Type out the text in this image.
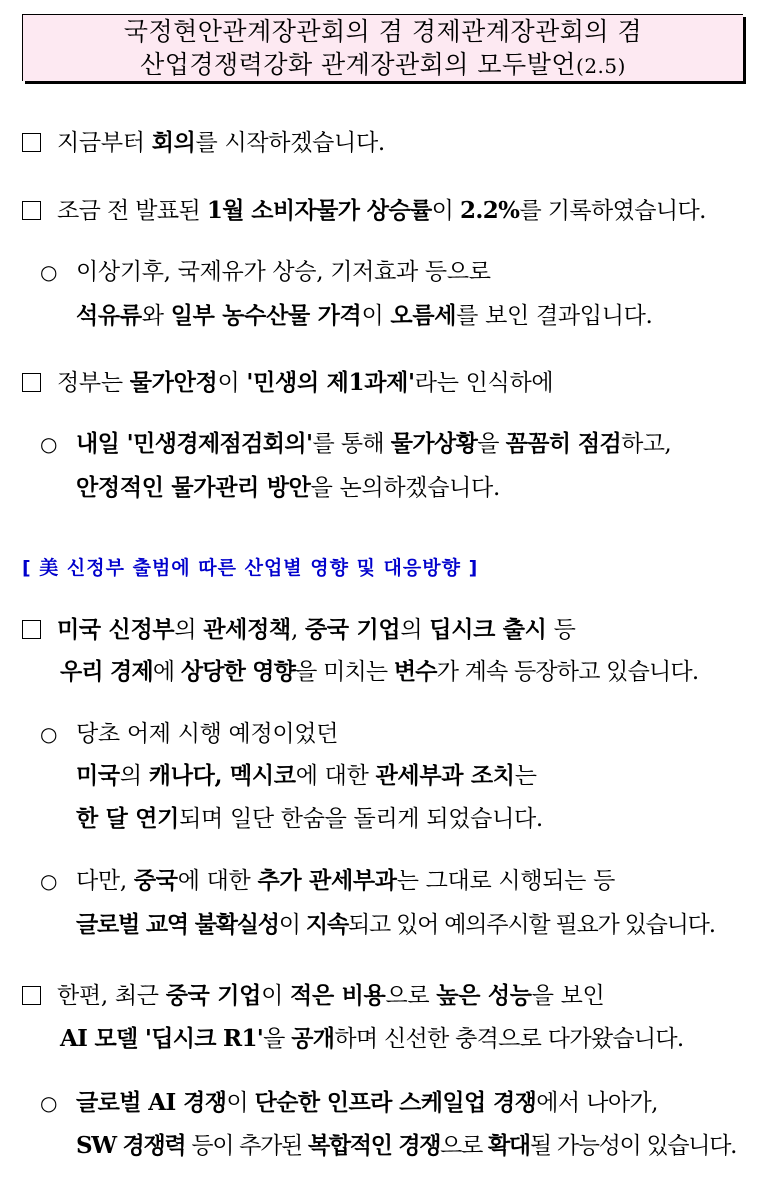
국정현안관계장관회의 겸 경제관계장관회의 겸
산업경쟁력강화 관계장관회의 모두발언(2.5)
지금부터 회의를 시작하겠습니다.
조금 전 발표된 1월 소비자물가 상승률이 2.2%를 기록하였습니다.
○ 이상기후, 국제유가 상승, 기저효과 등으로
석유류와 일부 농수산물 가격이 오름세를 보인 결과입니다.
정부는 물가안정이 '민생의 제1과제'라는 인식하에
○ 내일 '민생경제점검회의'를 통해 물가상황을 꼼꼼히 점검하고,
안정적인 물가관리 방안을 논의하겠습니다.
[ 美 신정부 출범에 따른 산업별 영향 및 대응방향 ]
미국 신정부의 관세정책, 중국 기업의 딥시크 출시 등
우리 경제에 상당한 영향을 미치는 변수가 계속 등장하고 있습니다.
○ 당초 어제 시행 예정이었던
미국의 캐나다, 멕시코에 대한 관세부과 조치는
한 달 연기되며 일단 한숨을 돌리게 되었습니다.
○ 다만, 중국에 대한 추가 관세부과는 그대로 시행되는 등
글로벌 교역 불확실성이 지속되고 있어 예의주시할 필요가 있습니다.
한편, 최근 중국 기업이 적은 비용으로 높은 성능을 보인
AI 모델 '딥시크 R1'을 공개하며 신선한 충격으로 다가왔습니다.
○ 글로벌 AI 경쟁이 단순한 인프라 스케일업 경쟁에서 나아가,
SW 경쟁력 등이 추가된 복합적인 경쟁으로 확대될 가능성이 있습니다.
